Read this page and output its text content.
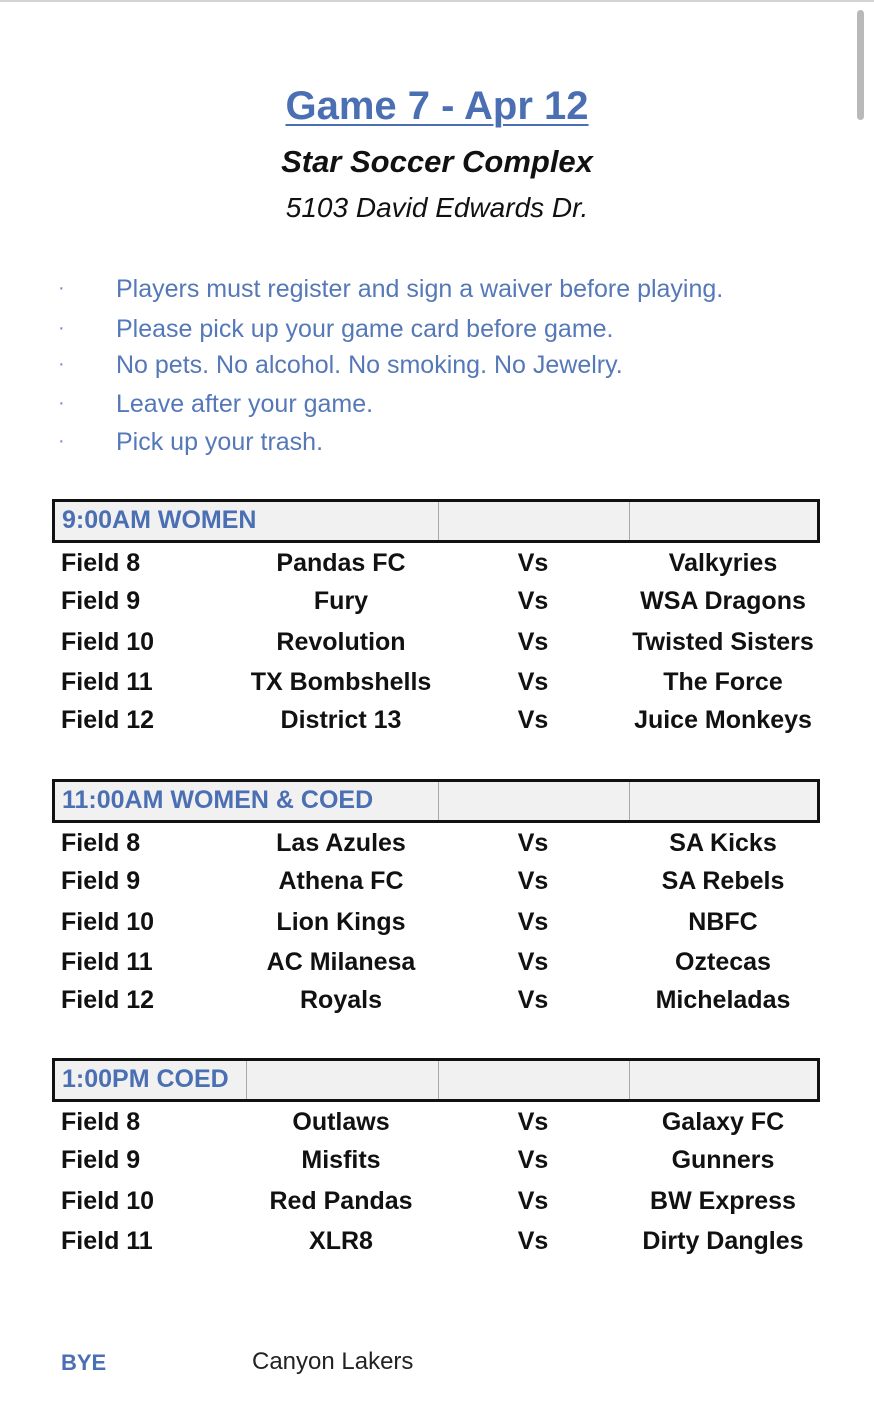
Game 7 - Apr 12
Star Soccer Complex
5103 David Edwards Dr.
· Players must register and sign a waiver before playing.
· Please pick up your game card before game.
· No pets. No alcohol. No smoking. No Jewelry.
· Leave after your game.
· Pick up your trash.
9:00AM WOMEN
Field 8	Pandas FC	Vs	Valkyries
Field 9	Fury	Vs	WSA Dragons
Field 10	Revolution	Vs	Twisted Sisters
Field 11	TX Bombshells	Vs	The Force
Field 12	District 13	Vs	Juice Monkeys
11:00AM WOMEN & COED
Field 8	Las Azules	Vs	SA Kicks
Field 9	Athena FC	Vs	SA Rebels
Field 10	Lion Kings	Vs	NBFC
Field 11	AC Milanesa	Vs	Oztecas
Field 12	Royals	Vs	Micheladas
1:00PM COED
Field 8	Outlaws	Vs	Galaxy FC
Field 9	Misfits	Vs	Gunners
Field 10	Red Pandas	Vs	BW Express
Field 11	XLR8	Vs	Dirty Dangles
BYE	Canyon Lakers
